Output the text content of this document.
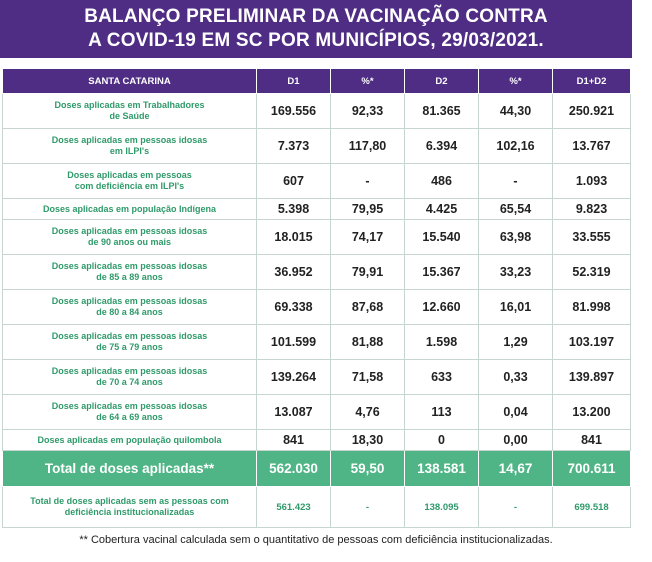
BALANÇO PRELIMINAR DA VACINAÇÃO CONTRA
A COVID-19 EM SC POR MUNICÍPIOS, 29/03/2021.
SANTA CATARINA	D1	%*	D2	%*	D1+D2

Doses aplicadas em Trabalhadores
de Saúde	169.556	92,33	81.365	44,30	250.921

Doses aplicadas em pessoas idosas
em ILPI's	7.373	117,80	6.394	102,16	13.767

Doses aplicadas em pessoas
com deficiência em ILPI's	607	-	486	-	1.093

Doses aplicadas em população Indígena	5.398	79,95	4.425	65,54	9.823

Doses aplicadas em pessoas idosas
de 90 anos ou mais	18.015	74,17	15.540	63,98	33.555

Doses aplicadas em pessoas idosas
de 85 a 89 anos	36.952	79,91	15.367	33,23	52.319

Doses aplicadas em pessoas idosas
de 80 a 84 anos	69.338	87,68	12.660	16,01	81.998

Doses aplicadas em pessoas idosas
de 75 a 79 anos	101.599	81,88	1.598	1,29	103.197

Doses aplicadas em pessoas idosas
de 70 a 74 anos	139.264	71,58	633	0,33	139.897

Doses aplicadas em pessoas idosas
de 64 a 69 anos	13.087	4,76	113	0,04	13.200

Doses aplicadas em população quilombola	841	18,30	0	0,00	841
Total de doses aplicadas**	562.030	59,50	138.581	14,67	700.611

Total de doses aplicadas sem as pessoas com
deficiência institucionalizadas	561.423	-	138.095	-	699.518
** Cobertura vacinal calculada sem o quantitativo de pessoas com deficiência institucionalizadas.
